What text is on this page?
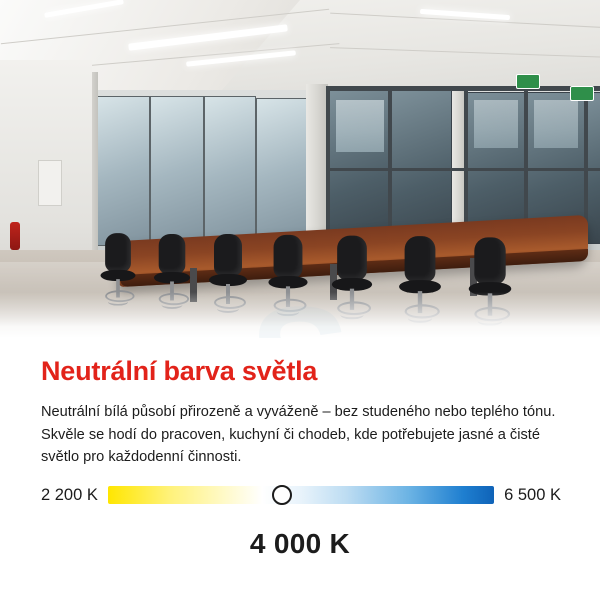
Neutrální barva světla

Neutrální bílá působí přirozeně a vyváženě – bez studeného nebo teplého tónu. Skvěle se hodí do pracoven, kuchyní či chodeb, kde potřebujete jasné a čisté světlo pro každodenní činnosti.

2 200 K	6 500 K
4 000 K
